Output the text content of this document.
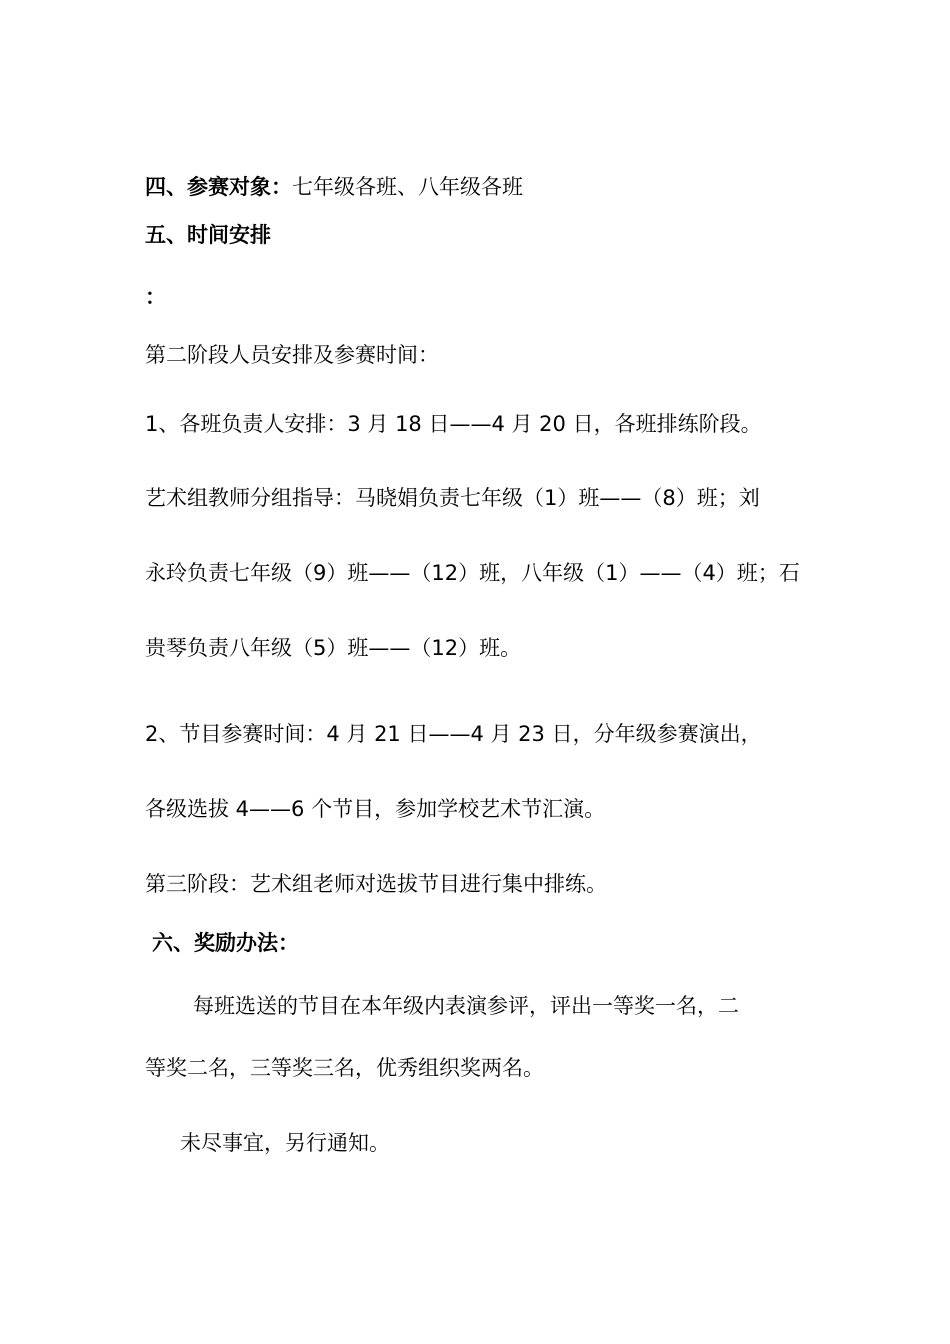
四、参赛对象：七年级各班、八年级各班
五、时间安排
：
第二阶段人员安排及参赛时间：
1、各班负责人安排：3 月 18 日——4 月 20 日，各班排练阶段。
艺术组教师分组指导：马晓娟负责七年级（1）班——（8）班；刘
永玲负责七年级（9）班——（12）班，八年级（1）——（4）班；石
贵琴负责八年级（5）班——（12）班。
2、节目参赛时间：4 月 21 日——4 月 23 日，分年级参赛演出，
各级选拔 4——6 个节目，参加学校艺术节汇演。
第三阶段：艺术组老师对选拔节目进行集中排练。
六、奖励办法：
每班选送的节目在本年级内表演参评，评出一等奖一名，二
等奖二名，三等奖三名，优秀组织奖两名。
未尽事宜，另行通知。
